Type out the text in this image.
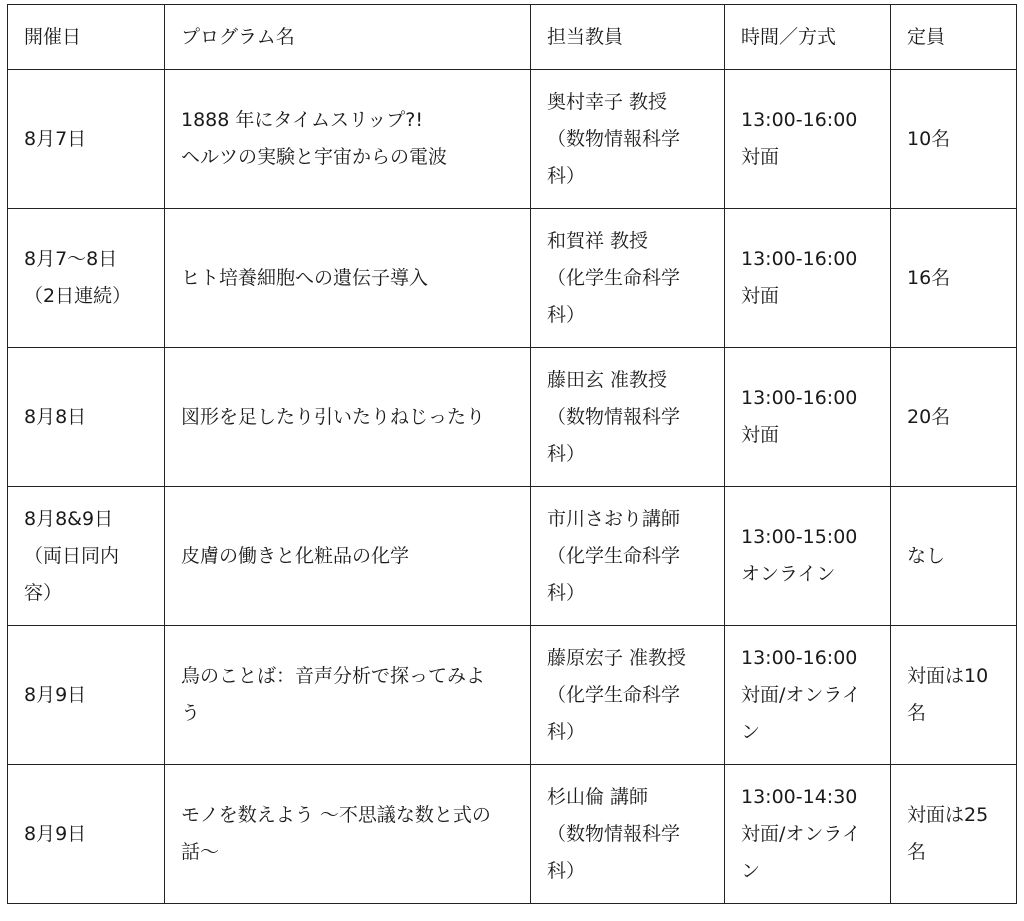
開催日	プログラム名	担当教員	時間／方式	定員

8月7日	1888 年にタイムスリップ?!
ヘルツの実験と宇宙からの電波	奥村幸子 教授
（数物情報科学
科）	13:00-16:00
対面	10名

8月7〜8日
（2日連続）	ヒト培養細胞への遺伝子導入	和賀祥 教授
（化学生命科学
科）	13:00-16:00
対面	16名

8月8日	図形を足したり引いたりねじったり	藤田玄 准教授
（数物情報科学
科）	13:00-16:00
対面	20名

8月8&9日
（両日同内
容）	皮膚の働きと化粧品の化学	市川さおり講師
（化学生命科学
科）	13:00-15:00
オンライン	なし

8月9日	鳥のことば：音声分析で探ってみよ
う	藤原宏子 准教授
（化学生命科学
科）	13:00-16:00
対面/オンライ
ン	対面は10
名

8月9日	モノを数えよう 〜不思議な数と式の
話〜	杉山倫 講師
（数物情報科学
科）	13:00-14:30
対面/オンライ
ン	対面は25
名
